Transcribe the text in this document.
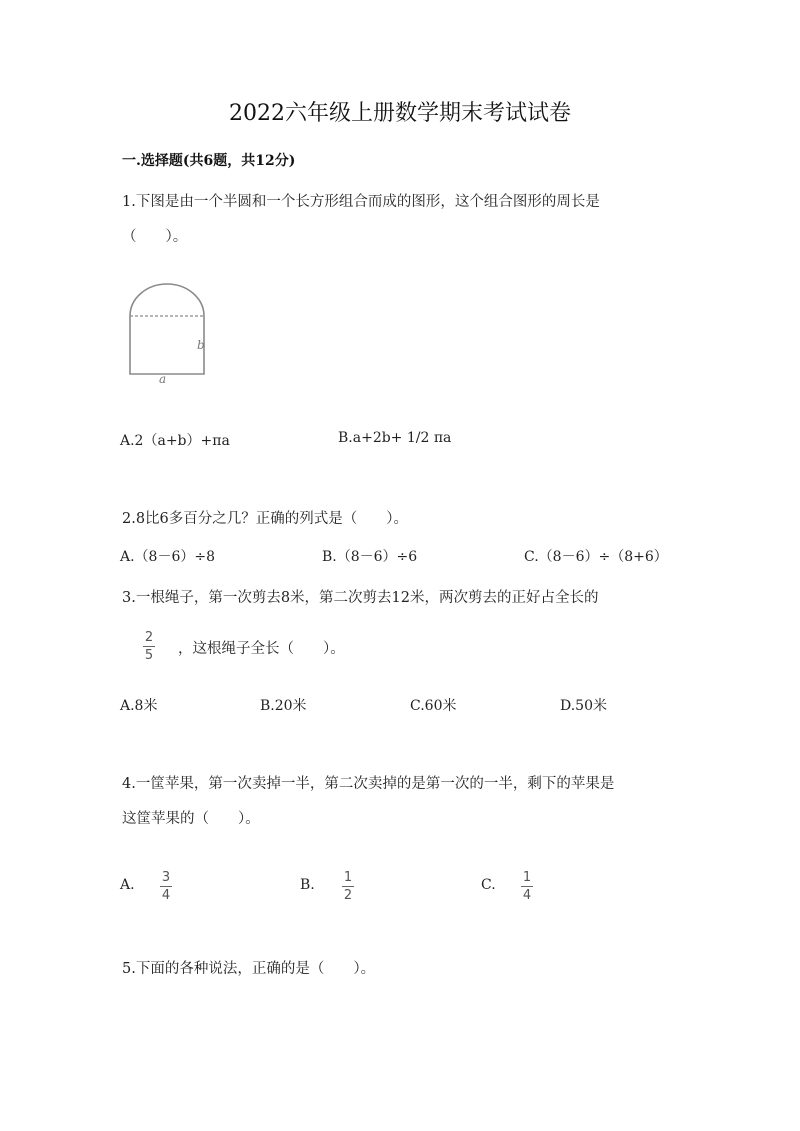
2022六年级上册数学期末考试试卷
一.选择题(共6题，共12分)
1.下图是由一个半圆和一个长方形组合而成的图形，这个组合图形的周长是
（　　）。
b
a
A.2（a+b）+πa	B.a+2b+ 1/2 πa
2.8比6多百分之几？正确的列式是（　　）。
A.（8－6）÷8	B.（8－6）÷6	C.（8－6）÷（8+6）
3.一根绳子，第一次剪去8米，第二次剪去12米，两次剪去的正好占全长的
2
5 ，这根绳子全长（　　）。
A.8米	B.20米	C.60米	D.50米
4.一筐苹果，第一次卖掉一半，第二次卖掉的是第一次的一半，剩下的苹果是
这筐苹果的（　　）。
A. 3
4
B. 1
2
C. 1
4
5.下面的各种说法，正确的是（　　）。
